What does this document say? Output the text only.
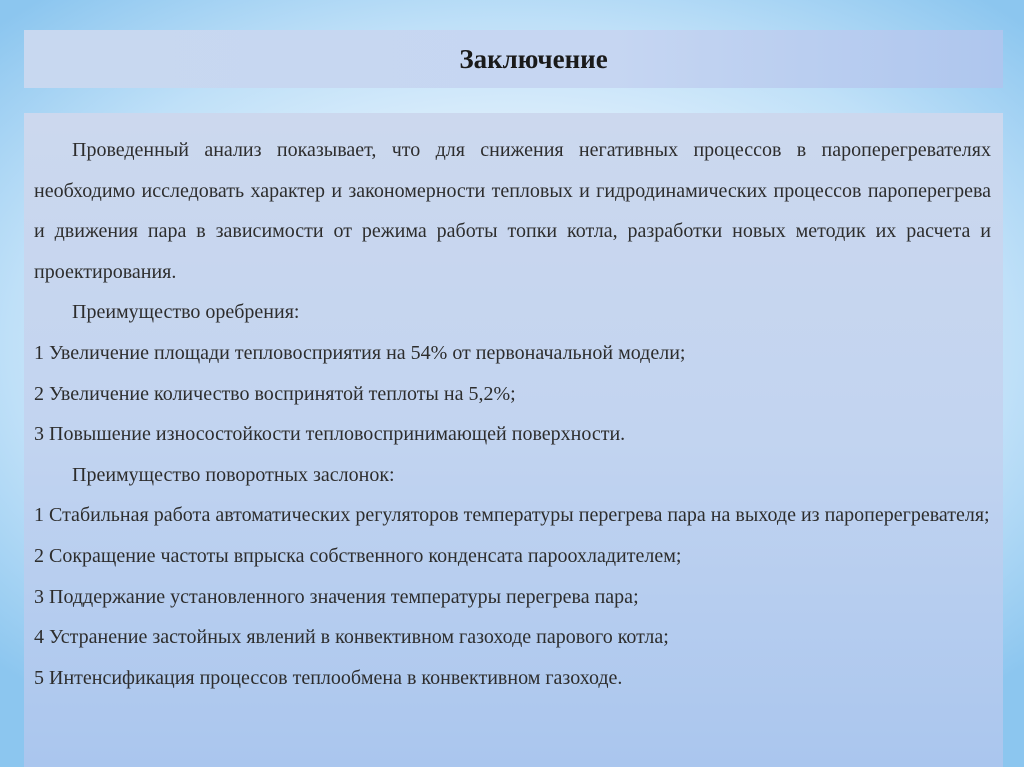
Заключение

Проведенный анализ показывает, что для снижения негативных процессов в пароперегревателях необходимо исследовать характер и закономерности тепловых и гидродинамических процессов пароперегрева и движения пара в зависимости от режима работы топки котла, разработки новых методик их расчета и проектирования.

Преимущество оребрения:

1 Увеличение площади тепловосприятия на 54% от первоначальной модели;

2 Увеличение количество воспринятой теплоты на 5,2%;

3 Повышение износостойкости тепловоспринимающей поверхности.

Преимущество поворотных заслонок:

1 Стабильная работа автоматических регуляторов температуры перегрева пара на выходе из пароперегревателя;

2 Сокращение частоты впрыска собственного конденсата пароохладителем;

3 Поддержание установленного значения температуры перегрева пара;

4 Устранение застойных явлений в конвективном газоходе парового котла;

5 Интенсификация процессов теплообмена в конвективном газоходе.
